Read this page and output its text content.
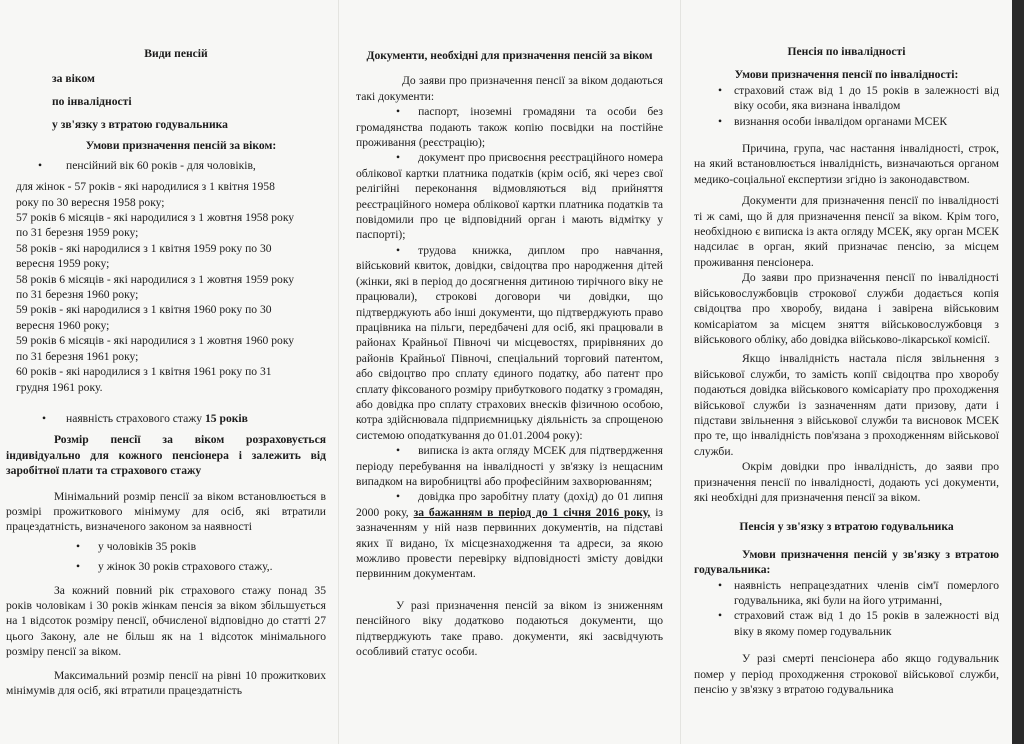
Види пенсій

за віком

по інвалідності

у зв'язку з втратою годувальника

Умови призначення пенсій за віком:

• пенсійний вік 60 років - для чоловіків,

для жінок - 57 років - які народилися з 1 квітня 1958

року по 30 вересня 1958 року;

57 років 6 місяців - які народилися з 1 жовтня 1958 року

по 31 березня 1959 року;

58 років - які народилися з 1 квітня 1959 року по 30

вересня 1959 року;

58 років 6 місяців - які народилися з 1 жовтня 1959 року

по 31 березня 1960 року;

59 років - які народилися з 1 квітня 1960 року по 30

вересня 1960 року;

59 років 6 місяців - які народилися з 1 жовтня 1960 року

по 31 березня 1961 року;

60 років - які народилися з 1 квітня 1961 року по 31

грудня 1961 року.

• наявність страхового стажу 15 років

Розмір пенсії за віком розраховується індивідуально для кожного пенсіонера і залежить від заробітної плати та страхового стажу

Мінімальний розмір пенсії за віком встановлюється в розмірі прожиткового мінімуму для осіб, які втратили працездатність, визначеного законом за наявності

• у чоловіків 35 років

• у жінок 30 років страхового стажу,.

За кожний повний рік страхового стажу понад 35 років чоловікам і 30 років жінкам пенсія за віком збільшується на 1 відсоток розміру пенсії, обчисленої відповідно до статті 27 цього Закону, але не більш як на 1 відсоток мінімального розміру пенсії за віком.

Максимальний розмір пенсії на рівні 10 прожиткових мінімумів для осіб, які втратили працездатність

Документи, необхідні для призначення пенсій за віком

До заяви про призначення пенсії за віком додаються такі документи:

• паспорт, іноземні громадяни та особи без громадянства подають також копію посвідки на постійне проживання (реєстрацію);

• документ про присвоєння реєстраційного номера облікової картки платника податків (крім осіб, які через свої релігійні переконання відмовляються від прийняття реєстраційного номера облікової картки платника податків та повідомили про це відповідний орган і мають відмітку у паспорті);

• трудова книжка, диплом про навчання, військовий квиток, довідки, свідоцтва про народження дітей (жінки, які в період до досягнення дитиною тирічного віку не працювали), строкові договори чи довідки, що підтверджують або інші документи, що підтверджують право працівника на пільги, передбачені для осіб, які працювали в районах Крайньої Півночі чи місцевостях, прирівняних до районів Крайньої Півночі, спеціальний торговий патентом, або свідоцтво про сплату єдиного податку, або патент про сплату фіксованого розміру прибуткового податку з громадян, або довідка про сплату страхових внесків фізичною особою, котра здійснювала підприємницьку діяльність за спрощеною системою оподаткування до 01.01.2004 року):

• виписка із акта огляду МСЕК для підтвердження періоду перебування на інвалідності у зв'язку із нещасним випадком на виробництві або професійним захворюванням;

• довідка про заробітну плату (дохід) до 01 липня 2000 року, за бажанням в період до 1 січня 2016 року, із зазначенням у ній назв первинних документів, на підставі яких її видано, їх місцезнаходження та адреси, за якою можливо провести перевірку відповідності змісту довідки первинним документам.

У разі призначення пенсій за віком із зниженням пенсійного віку додатково подаються документи, що підтверджують таке право. документи, які засвідчують особливий статус особи.

Пенсія по інвалідності

Умови призначення пенсії по інвалідності:

• страховий стаж від 1 до 15 років в залежності від віку особи, яка визнана інвалідом

• визнання особи інвалідом органами МСЕК

Причина, група, час настання інвалідності, строк, на який встановлюється інвалідність, визначаються органом медико-соціальної експертизи згідно із законодавством.

Документи для призначення пенсії по інвалідності ті ж самі, що й для призначення пенсії за віком. Крім того, необхідною є виписка із акта огляду МСЕК, яку орган МСЕК надсилає в орган, який призначає пенсію, за місцем проживання пенсіонера.

До заяви про призначення пенсії по інвалідності військовослужбовців строкової служби додається копія свідоцтва про хворобу, видана і завірена військовим комісаріатом за місцем зняття військовослужбовця з військового обліку, або довідка військово-лікарської комісії.

Якщо інвалідність настала після звільнення з військової служби, то замість копії свідоцтва про хворобу подаються довідка військового комісаріату про проходження військової служби із зазначенням дати призову, дати і підстави звільнення з військової служби та висновок МСЕК про те, що інвалідність пов'язана з проходженням військової служби.

Окрім довідки про інвалідність, до заяви про призначення пенсії по інвалідності, додають усі документи, які необхідні для призначення пенсії за віком.

Пенсія у зв'язку з втратою годувальника

Умови призначення пенсій у зв'язку з втратою годувальника:

• наявність непрацездатних членів сім'ї померлого годувальника, які були на його утриманні,

• страховий стаж від 1 до 15 років в залежності від віку в якому помер годувальник

У разі смерті пенсіонера або якщо годувальник помер у період проходження строкової військової служби, пенсію у зв'язку з втратою годувальника
